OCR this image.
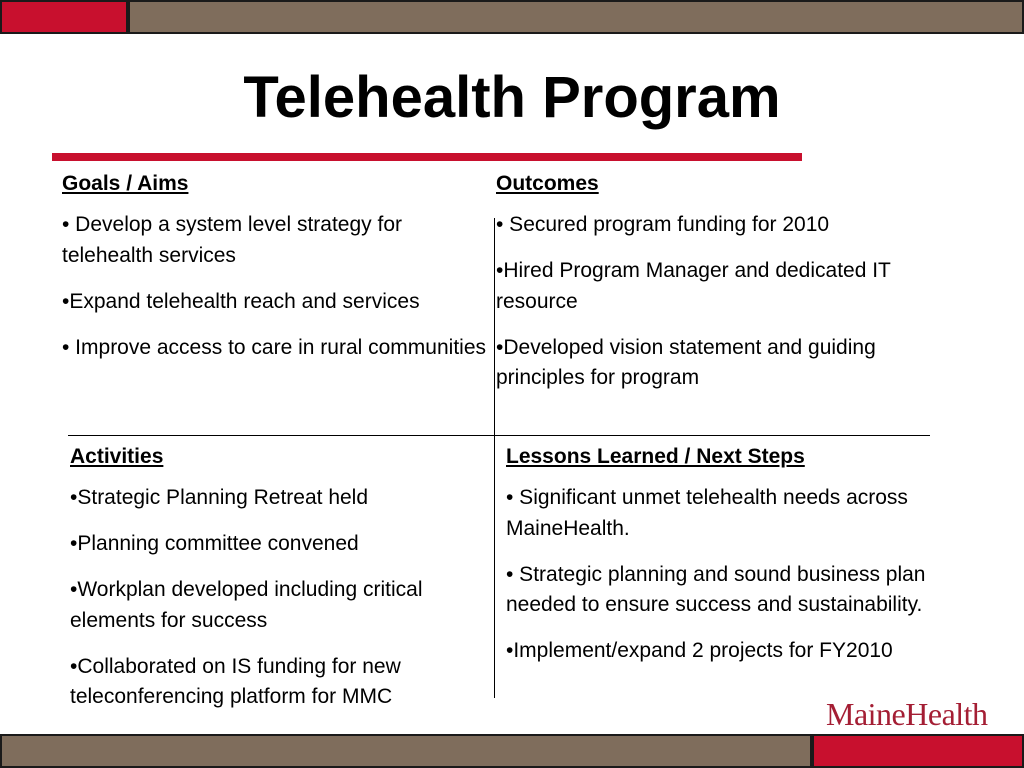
Telehealth Program
Goals / Aims

• Develop a system level strategy for telehealth services

•Expand telehealth reach and services

• Improve access to care in rural communities

Outcomes

• Secured program funding for 2010

•Hired Program Manager and dedicated IT resource

•Developed vision statement and guiding principles for program

Activities

•Strategic Planning Retreat held

•Planning committee convened

•Workplan developed including critical elements for success

•Collaborated on IS funding for new teleconferencing platform for MMC

Lessons Learned / Next Steps

• Significant unmet telehealth needs across MaineHealth.

• Strategic planning and sound business plan needed to ensure success and sustainability.

•Implement/expand 2 projects for FY2010

MaineHealth
